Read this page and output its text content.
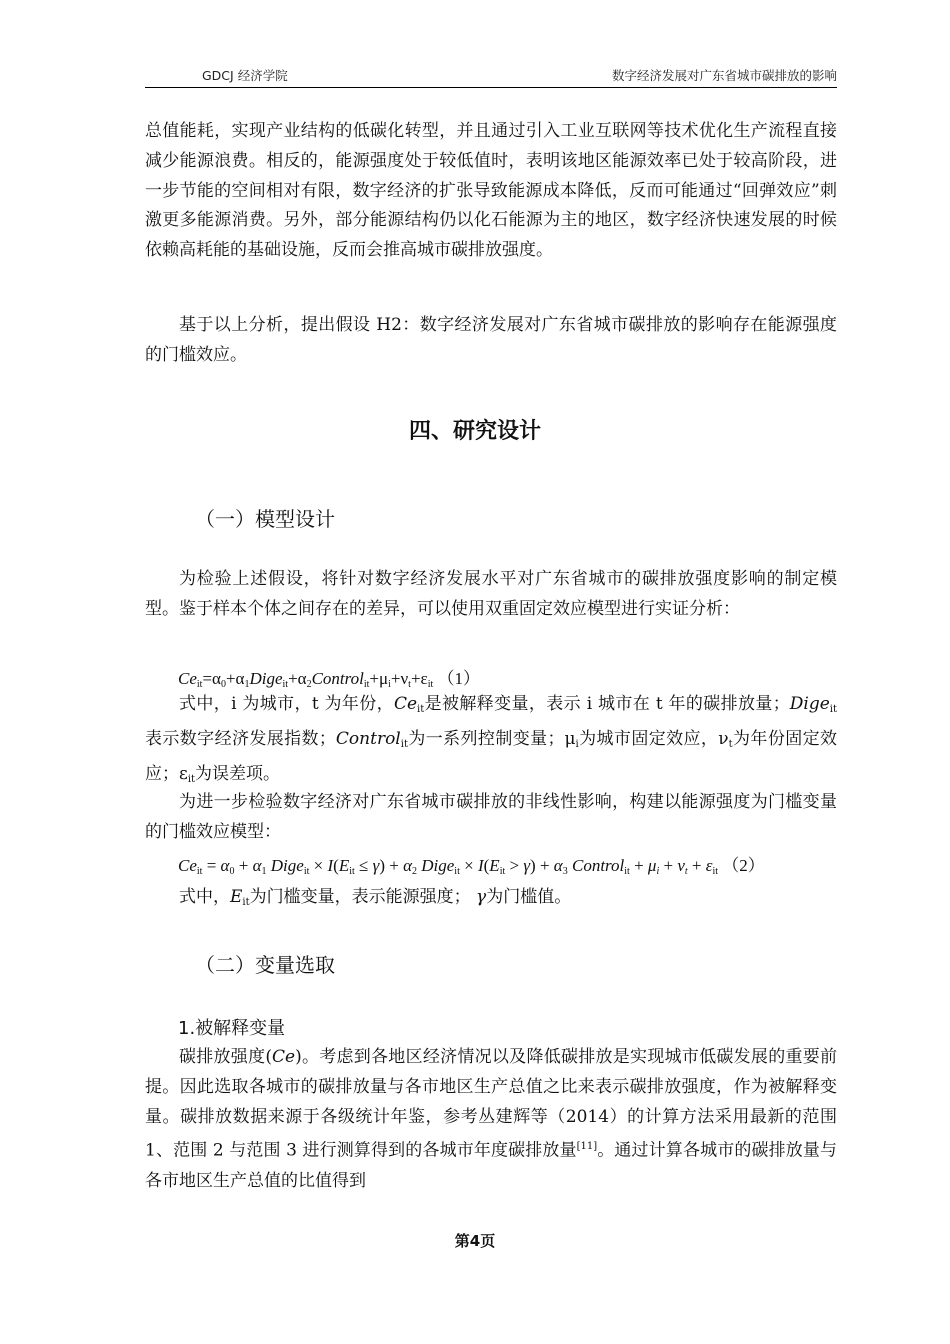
GDCJ 经济学院	数字经济发展对广东省城市碳排放的影响
总值能耗，实现产业结构的低碳化转型，并且通过引入工业互联网等技术优化生产流程直接减少能源浪费。相反的，能源强度处于较低值时，表明该地区能源效率已处于较高阶段，进一步节能的空间相对有限，数字经济的扩张导致能源成本降低，反而可能通过“回弹效应”刺激更多能源消费。另外，部分能源结构仍以化石能源为主的地区，数字经济快速发展的时候依赖高耗能的基础设施，反而会推高城市碳排放强度。
基于以上分析，提出假设 H2：数字经济发展对广东省城市碳排放的影响存在能源强度的门槛效应。
四、研究设计
（一）模型设计
为检验上述假设，将针对数字经济发展水平对广东省城市的碳排放强度影响的制定模型。鉴于样本个体之间存在的差异，可以使用双重固定效应模型进行实证分析：
$Ce_{it}=\alpha_0+\alpha_1Dige_{it}+\alpha_2Control_{it}+\mu_i+\nu_t+\varepsilon_{it}$ （1）
式中，i 为城市，t 为年份，$Ce_{it}$是被解释变量，表示 i 城市在 t 年的碳排放量；Dige$_{it}$表示数字经济发展指数；Control$_{it}$为一系列控制变量；$\mu_i$为城市固定效应，$\nu_t$为年份固定效应；$\varepsilon_{it}$为误差项。
为进一步检验数字经济对广东省城市碳排放的非线性影响，构建以能源强度为门槛变量的门槛效应模型：
$Ce_{it} = \alpha_0 + \alpha_1$ Dige$_{it}$ × $I(E_{it} \le \gamma) + \alpha_2$ Dige$_{it}$ × $I(E_{it} > \gamma) + \alpha_3$ Control$_{it}$ + $\mu_i + \nu_t + \varepsilon_{it}$ （2）
式中，$E_{it}$为门槛变量，表示能源强度； γ为门槛值。
（二）变量选取
1.被解释变量
碳排放强度(Ce)。考虑到各地区经济情况以及降低碳排放是实现城市低碳发展的重要前提。因此选取各城市的碳排放量与各市地区生产总值之比来表示碳排放强度，作为被解释变量。碳排放数据来源于各级统计年鉴，参考丛建辉等（2014）的计算方法采用最新的范围 1、范围 2 与范围 3 进行测算得到的各城市年度碳排放量[11]。通过计算各城市的碳排放量与各市地区生产总值的比值得到
第4页
